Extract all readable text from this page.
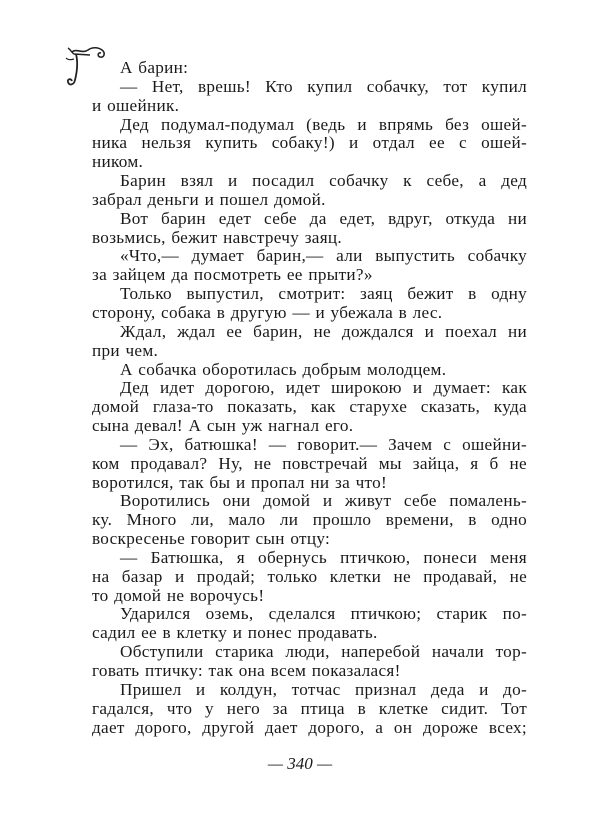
А барин:
— Нет, врешь! Кто купил собачку, тот купил
и ошейник.
Дед подумал-подумал (ведь и впрямь без ошей-
ника нельзя купить собаку!) и отдал ее с ошей-
ником.
Барин взял и посадил собачку к себе, а дед
забрал деньги и пошел домой.
Вот барин едет себе да едет, вдруг, откуда ни
возьмись, бежит навстречу заяц.
«Что,— думает барин,— али выпустить собачку
за зайцем да посмотреть ее прыти?»
Только выпустил, смотрит: заяц бежит в одну
сторону, собака в другую — и убежала в лес.
Ждал, ждал ее барин, не дождался и поехал ни
при чем.
А собачка оборотилась добрым молодцем.
Дед идет дорогою, идет широкою и думает: как
домой глаза-то показать, как старухе сказать, куда
сына девал! А сын уж нагнал его.
— Эх, батюшка! — говорит.— Зачем с ошейни-
ком продавал? Ну, не повстречай мы зайца, я б не
воротился, так бы и пропал ни за что!
Воротились они домой и живут себе помалень-
ку. Много ли, мало ли прошло времени, в одно
воскресенье говорит сын отцу:
— Батюшка, я обернусь птичкою, понеси меня
на базар и продай; только клетки не продавай, не
то домой не ворочусь!
Ударился оземь, сделался птичкою; старик по-
садил ее в клетку и понес продавать.
Обступили старика люди, наперебой начали тор-
говать птичку: так она всем показалася!
Пришел и колдун, тотчас признал деда и до-
гадался, что у него за птица в клетке сидит. Тот
дает дорого, другой дает дорого, а он дороже всех;
— 340 —
